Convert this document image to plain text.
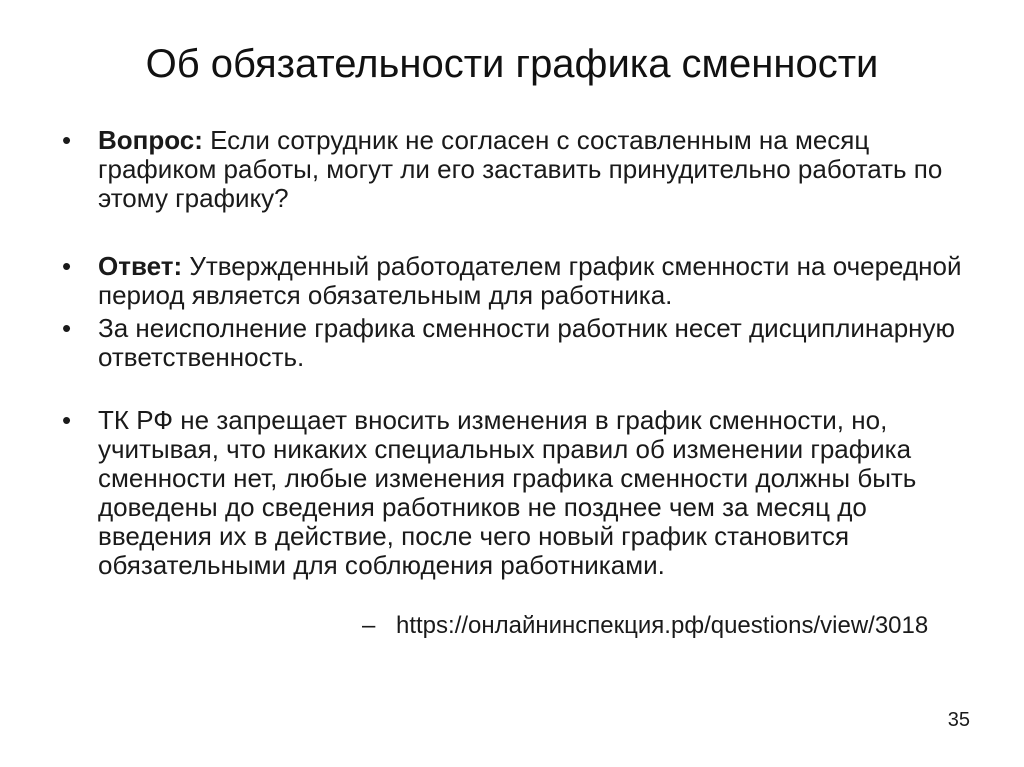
Об обязательности графика сменности
•	Вопрос: Если сотрудник не согласен с составленным на месяц графиком работы, могут ли его заставить принудительно работать по этому графику?
•	Ответ: Утвержденный работодателем график сменности на очередной период является обязательным для работника.
•	За неисполнение графика сменности работник несет дисциплинарную ответственность.
•	ТК РФ не запрещает вносить изменения в график сменности, но, учитывая, что никаких специальных правил об изменении графика сменности нет, любые изменения графика сменности должны быть доведены до сведения работников не позднее чем за месяц до введения их в действие, после чего новый график становится обязательными для соблюдения работниками.
– https://онлайнинспекция.рф/questions/view/3018
35
